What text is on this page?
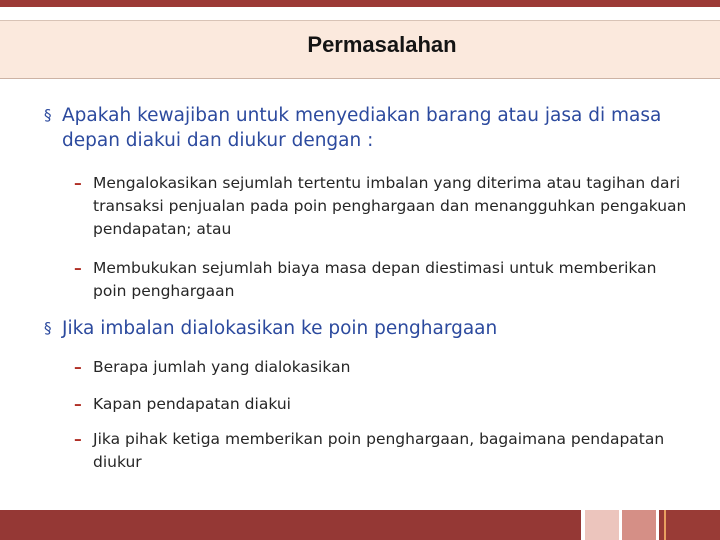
Permasalahan
§ Apakah kewajiban untuk menyediakan barang atau jasa di masa depan diakui dan diukur dengan :
– Mengalokasikan sejumlah tertentu imbalan yang diterima atau tagihan dari transaksi penjualan pada poin penghargaan dan menangguhkan pengakuan pendapatan; atau
– Membukukan sejumlah biaya masa depan diestimasi untuk memberikan poin penghargaan
§ Jika imbalan dialokasikan ke poin penghargaan
– Berapa jumlah yang dialokasikan
– Kapan pendapatan diakui
– Jika pihak ketiga memberikan poin penghargaan, bagaimana pendapatan diukur
